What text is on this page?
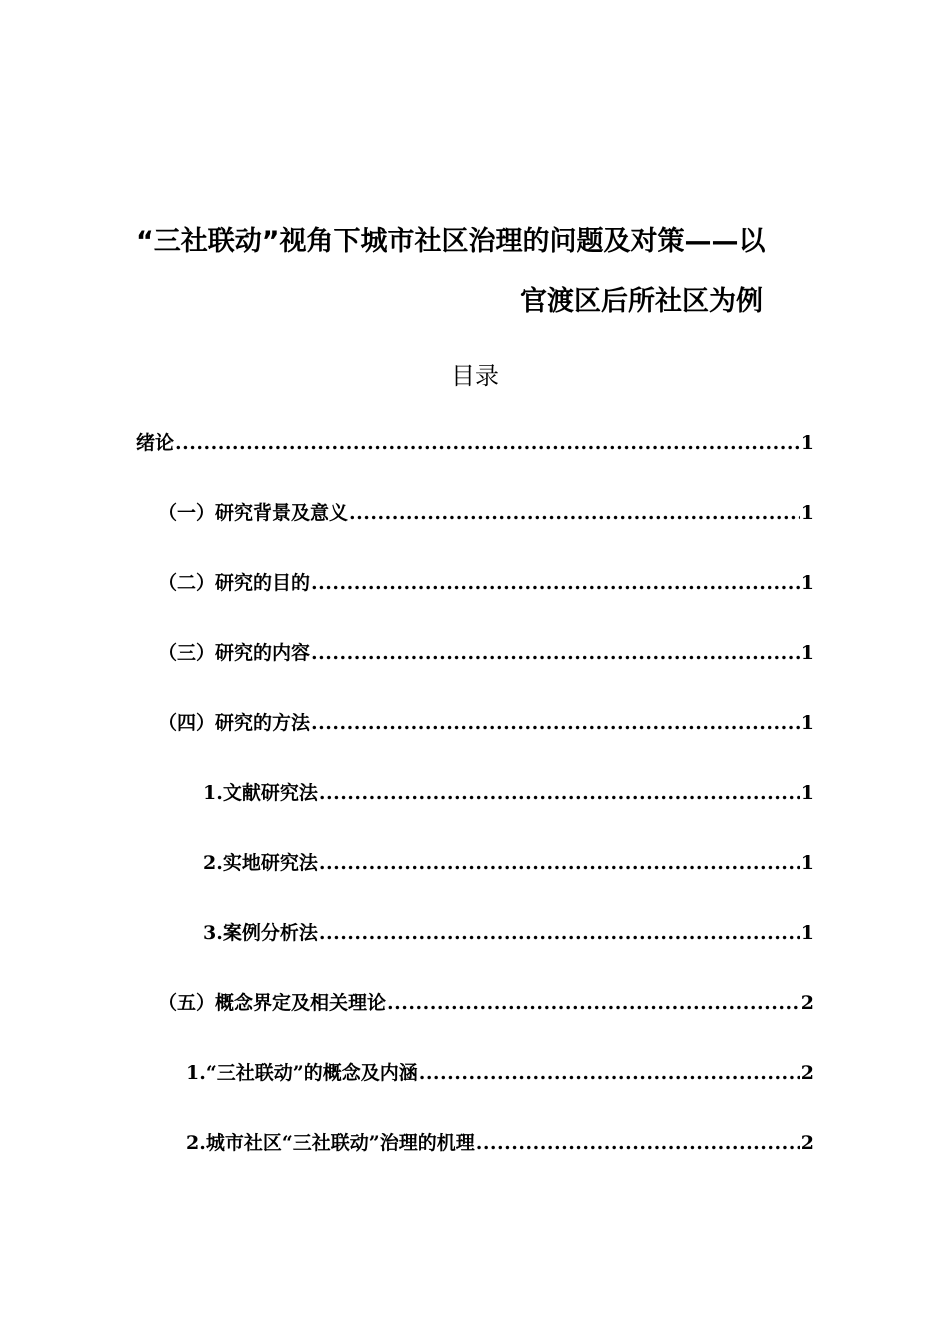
“三社联动”视角下城市社区治理的问题及对策——以
官渡区后所社区为例
目录
绪论 .....	1
（一）研究背景及意义 .....	1
（二）研究的目的 .....	1
（三）研究的内容 .....	1
（四）研究的方法 .....	1
1.文献研究法 .....	1
2.实地研究法 .....	1
3.案例分析法 .....	1
（五）概念界定及相关理论 .....	2
1.“三社联动”的概念及内涵 .....	2
2.城市社区“三社联动”治理的机理 .....	2
